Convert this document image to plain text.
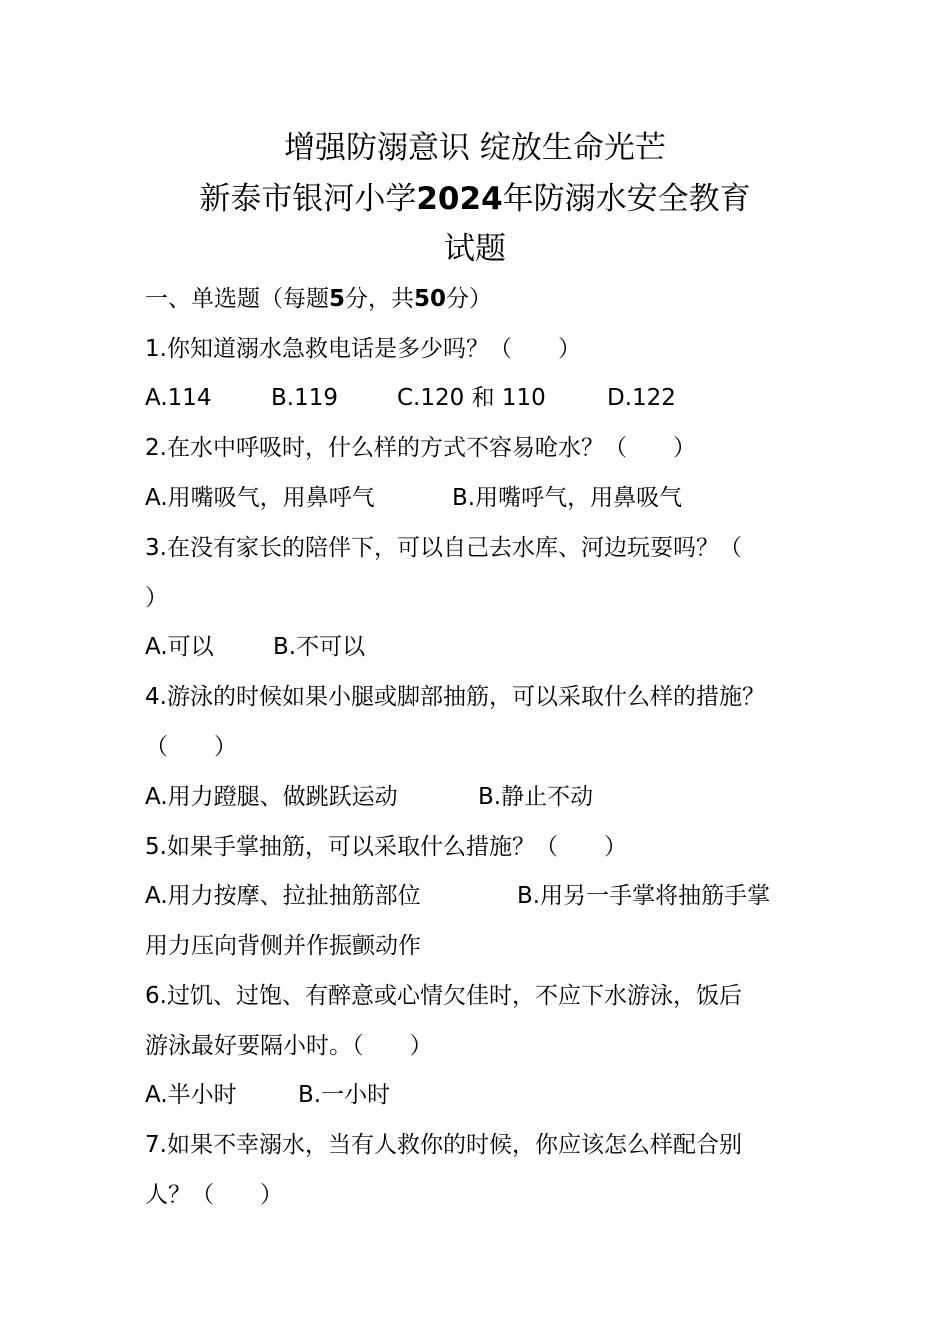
增强防溺意识 绽放生命光芒
新泰市银河小学2024年防溺水安全教育
试题
一、单选题（每题5分，共50分）
1.你知道溺水急救电话是多少吗？（　　）
A.114	B.119	C.120 和 110	D.122
2.在水中呼吸时，什么样的方式不容易呛水？（　　）
A.用嘴吸气，用鼻呼气	B.用嘴呼气，用鼻吸气
3.在没有家长的陪伴下，可以自己去水库、河边玩耍吗？（
）
A.可以	B.不可以
4.游泳的时候如果小腿或脚部抽筋，可以采取什么样的措施？
（　　）
A.用力蹬腿、做跳跃运动	B.静止不动
5.如果手掌抽筋，可以采取什么措施？（　　）
A.用力按摩、拉扯抽筋部位	B.用另一手掌将抽筋手掌
用力压向背侧并作振颤动作
6.过饥、过饱、有醉意或心情欠佳时，不应下水游泳，饭后
游泳最好要隔小时。（　　）
A.半小时	B.一小时
7.如果不幸溺水，当有人救你的时候，你应该怎么样配合别
人？（　　）
